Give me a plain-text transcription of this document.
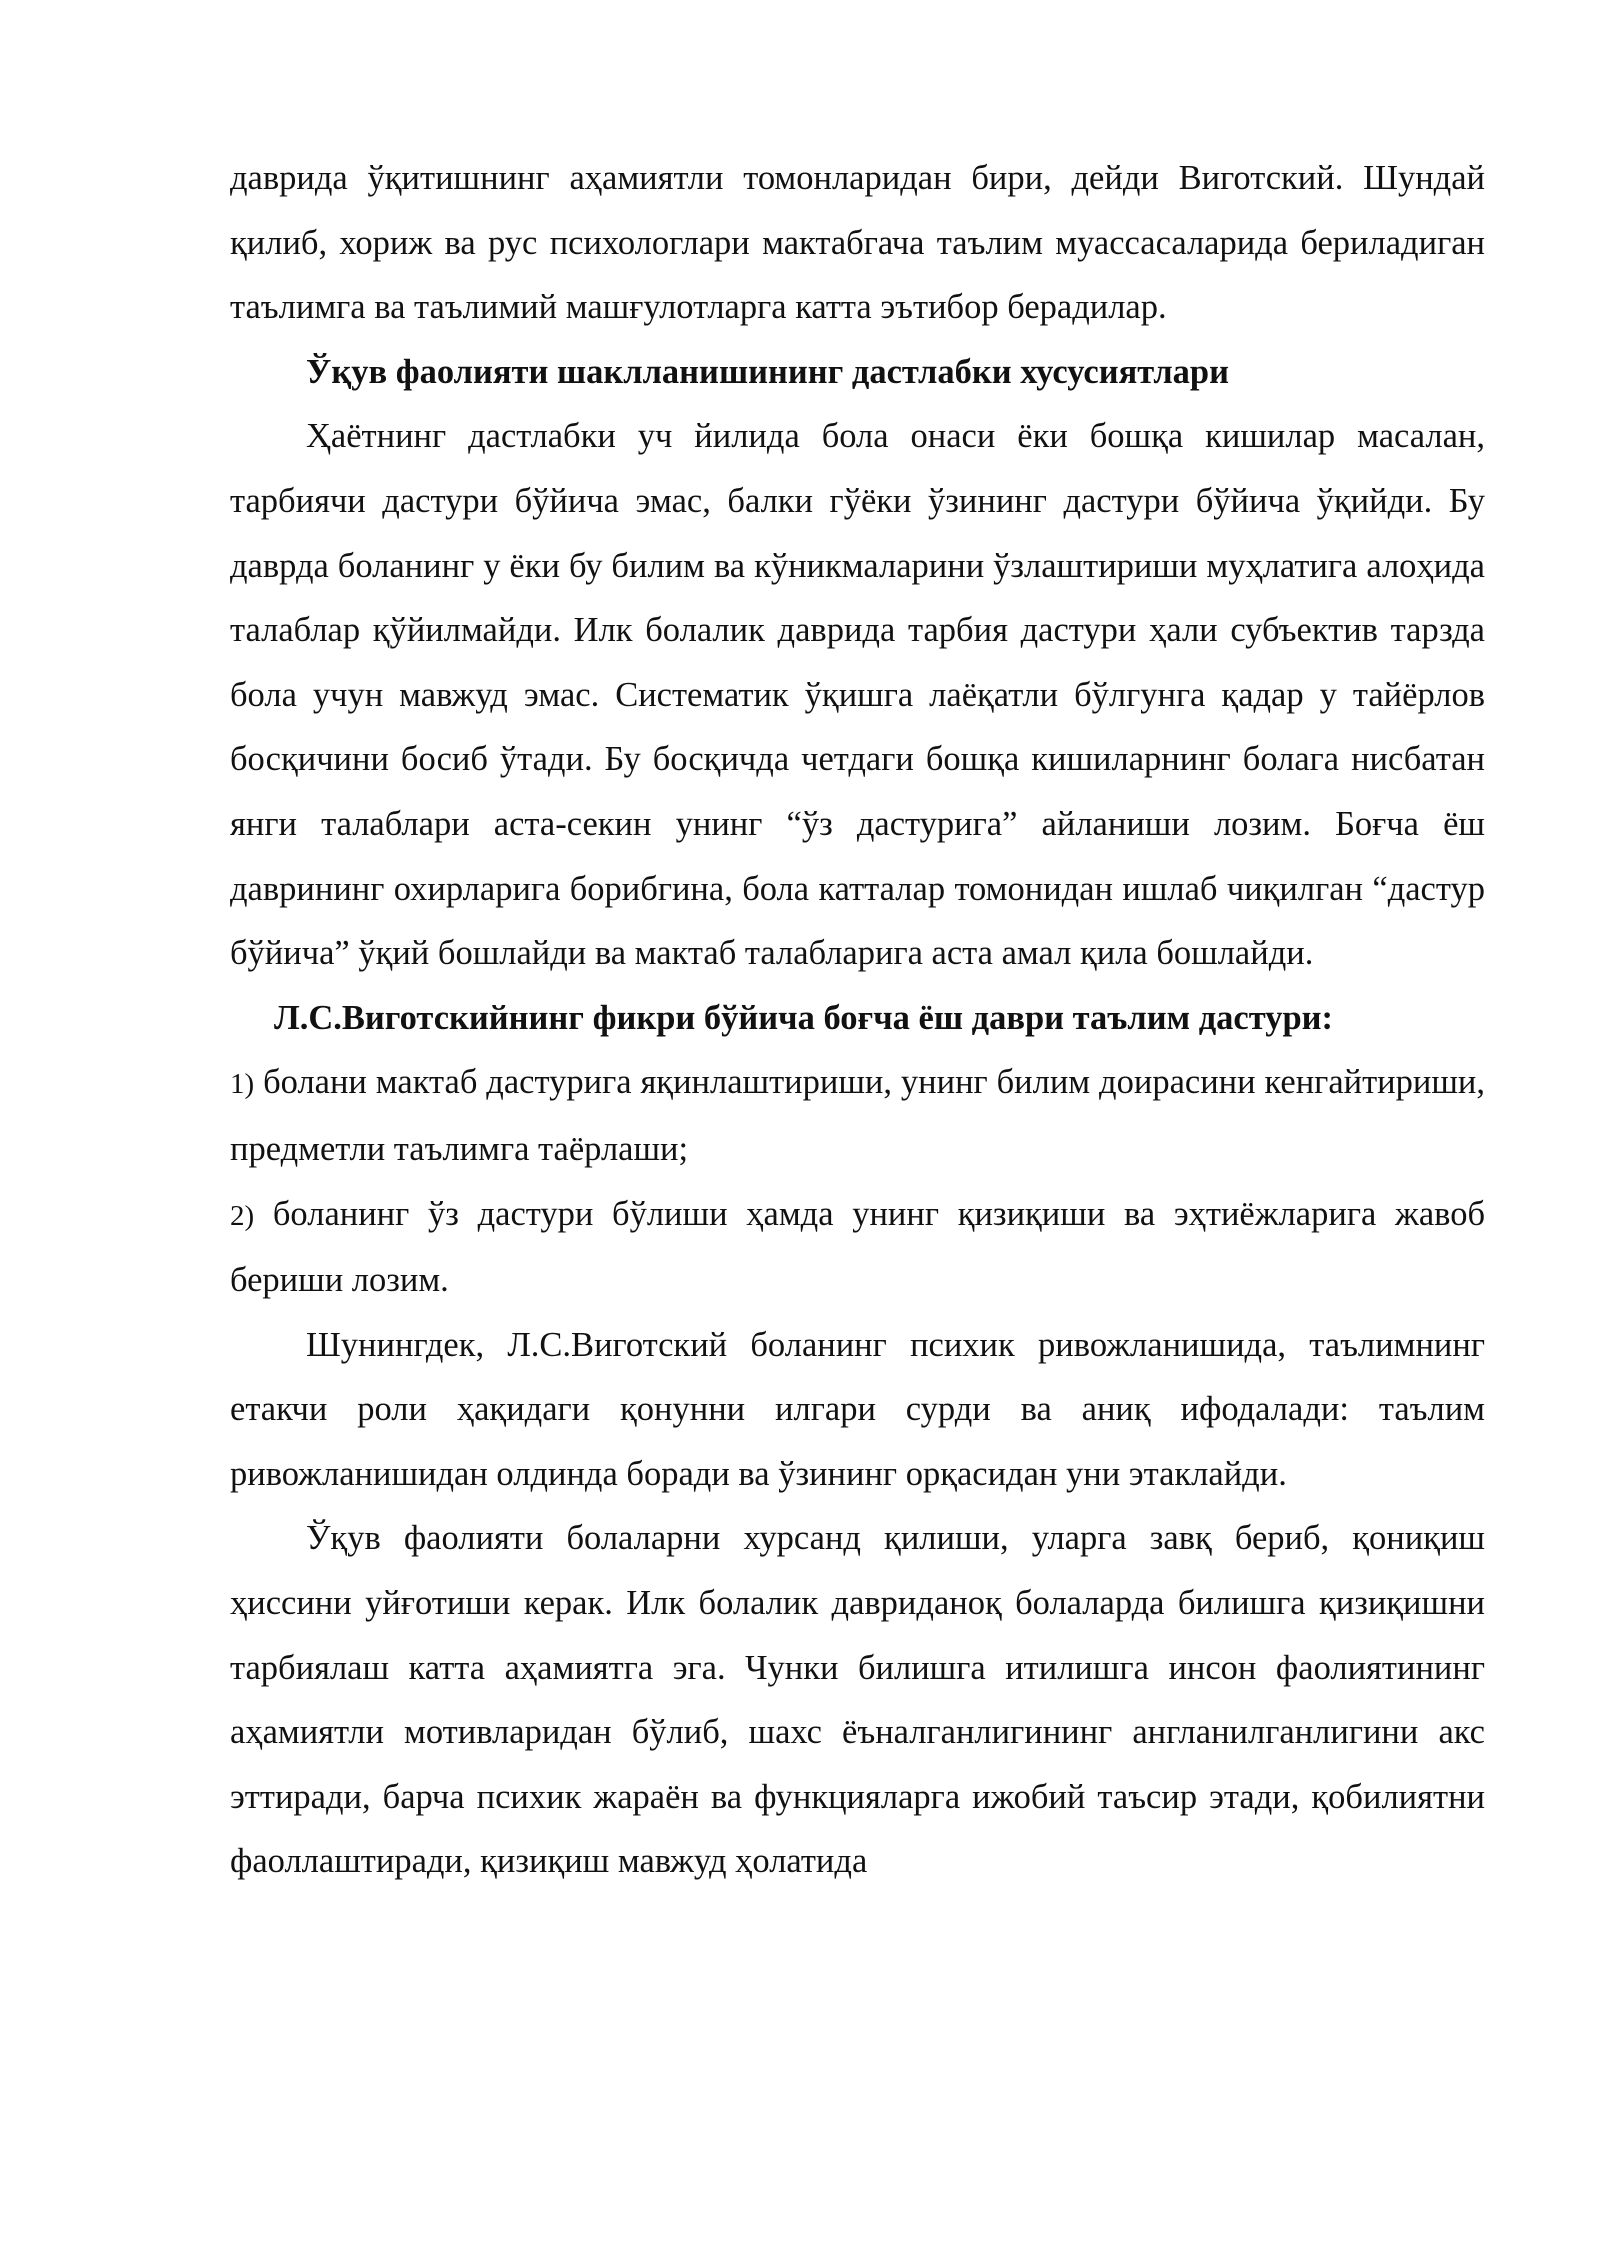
даврида ўқитишнинг аҳамиятли томонларидан бири, дейди Виготский. Шундай қилиб, хориж ва рус психологлари мактабгача таълим муассасаларида бериладиган таълимга ва таълимий машғулотларга катта эътибор берадилар.

Ўқув фаолияти шаклланишининг дастлабки хусусиятлари

Ҳаётнинг дастлабки уч йилида бола онаси ёки бошқа кишилар масалан, тарбиячи дастури бўйича эмас, балки гўёки ўзининг дастури бўйича ўқийди. Бу даврда боланинг у ёки бу билим ва кўникмаларини ўзлаштириши муҳлатига алоҳида талаблар қўйилмайди. Илк болалик даврида тарбия дастури ҳали субъектив тарзда бола учун мавжуд эмас. Систематик ўқишга лаёқатли бўлгунга қадар у тайёрлов босқичини босиб ўтади. Бу босқичда четдаги бошқа кишиларнинг болага нисбатан янги талаблари аста-секин унинг “ўз дастурига” айланиши лозим. Боғча ёш даврининг охирларига борибгина, бола катталар томонидан ишлаб чиқилган “дастур бўйича” ўқий бошлайди ва мактаб талабларига аста амал қила бошлайди.

Л.С.Виготскийнинг фикри бўйича боғча ёш даври таълим дастури:

1) болани мактаб дастурига яқинлаштириши, унинг билим доирасини кенгайтириши, предметли таълимга таёрлаши;

2) боланинг ўз дастури бўлиши ҳамда унинг қизиқиши ва эҳтиёжларига жавоб бериши лозим.

Шунингдек, Л.С.Виготский боланинг психик ривожланишида, таълимнинг етакчи роли ҳақидаги қонунни илгари сурди ва аниқ ифодалади: таълим ривожланишидан олдинда боради ва ўзининг орқасидан уни этаклайди.

Ўқув фаолияти болаларни хурсанд қилиши, уларга завқ бериб, қониқиш ҳиссини уйғотиши керак. Илк болалик давриданоқ болаларда билишга қизиқишни тарбиялаш катта аҳамиятга эга. Чунки билишга итилишга инсон фаолиятининг аҳамиятли мотивларидан бўлиб, шахс ёъналганлигининг англанилганлигини акс эттиради, барча психик жараён ва функцияларга ижобий таъсир этади, қобилиятни фаоллаштиради, қизиқиш мавжуд ҳолатида
